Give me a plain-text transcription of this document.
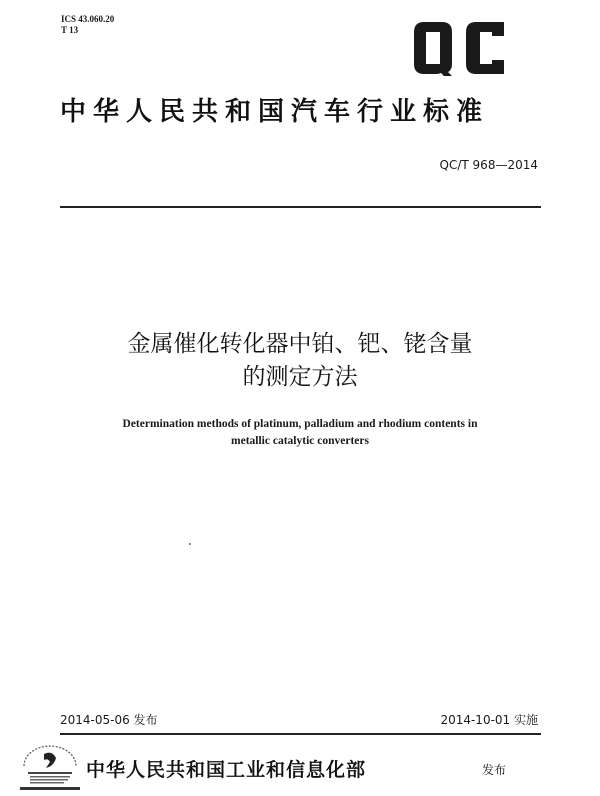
ICS 43.060.20
T 13
中华人民共和国汽车行业标准
QC/T 968—2014
金属催化转化器中铂、钯、铑含量
的测定方法
Determination methods of platinum, palladium and rhodium contents in
metallic catalytic converters
2014-05-06 发布	2014-10-01 实施
中华人民共和国工业和信息化部	发布
